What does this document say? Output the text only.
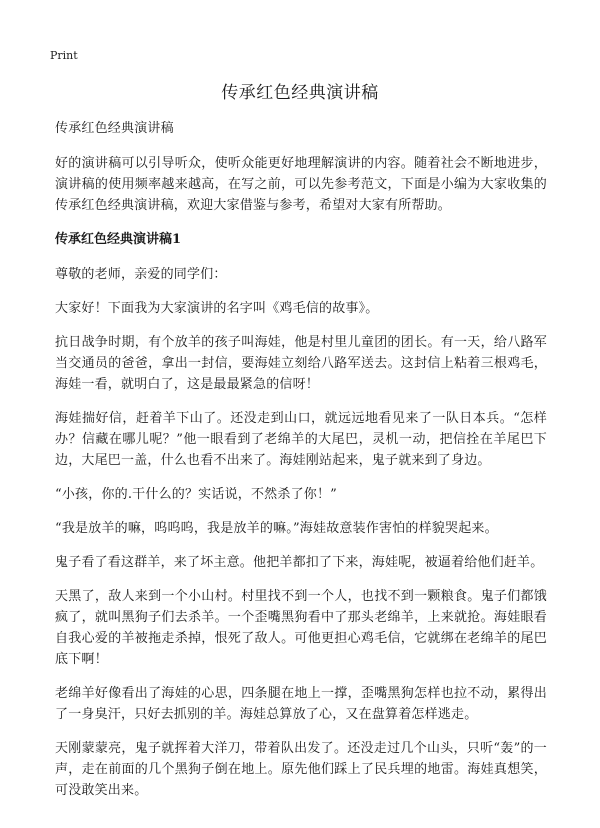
Print
传承红色经典演讲稿

传承红色经典演讲稿

好的演讲稿可以引导听众，使听众能更好地理解演讲的内容。随着社会不断地进步，演讲稿的使用频率越来越高，在写之前，可以先参考范文，下面是小编为大家收集的传承红色经典演讲稿，欢迎大家借鉴与参考，希望对大家有所帮助。

传承红色经典演讲稿1

尊敬的老师，亲爱的同学们：

大家好！下面我为大家演讲的名字叫《鸡毛信的故事》。

抗日战争时期，有个放羊的孩子叫海娃，他是村里儿童团的团长。有一天，给八路军当交通员的爸爸，拿出一封信，要海娃立刻给八路军送去。这封信上粘着三根鸡毛，海娃一看，就明白了，这是最最紧急的信呀！

海娃揣好信，赶着羊下山了。还没走到山口，就远远地看见来了一队日本兵。“怎样办？信藏在哪儿呢？”他一眼看到了老绵羊的大尾巴，灵机一动，把信拴在羊尾巴下边，大尾巴一盖，什么也看不出来了。海娃刚站起来，鬼子就来到了身边。

“小孩，你的.干什么的？实话说，不然杀了你！”

“我是放羊的嘛，呜呜呜，我是放羊的嘛。”海娃故意装作害怕的样貌哭起来。

鬼子看了看这群羊，来了坏主意。他把羊都扣了下来，海娃呢，被逼着给他们赶羊。

天黑了，敌人来到一个小山村。村里找不到一个人，也找不到一颗粮食。鬼子们都饿疯了，就叫黑狗子们去杀羊。一个歪嘴黑狗看中了那头老绵羊，上来就抢。海娃眼看自我心爱的羊被拖走杀掉，恨死了敌人。可他更担心鸡毛信，它就绑在老绵羊的尾巴底下啊！

老绵羊好像看出了海娃的心思，四条腿在地上一撑，歪嘴黑狗怎样也拉不动，累得出了一身臭汗，只好去抓别的羊。海娃总算放了心，又在盘算着怎样逃走。

天刚蒙蒙亮，鬼子就挥着大洋刀，带着队出发了。还没走过几个山头，只听“轰”的一声，走在前面的几个黑狗子倒在地上。原先他们踩上了民兵埋的地雷。海娃真想笑，可没敢笑出来。
